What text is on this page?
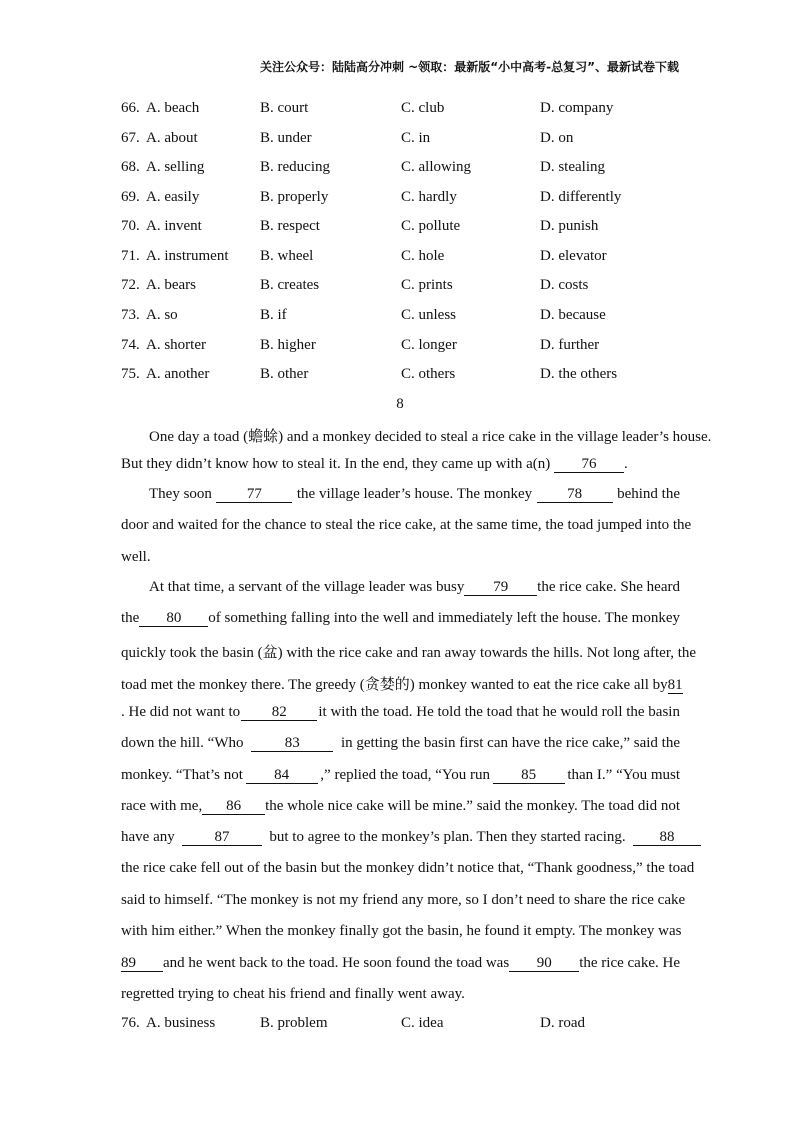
关注公众号：陆陆高分冲刺 ~领取：最新版“小中高考-总复习”、最新试卷下载
66. A. beach	B. court	C. club	D. company
67. A. about	B. under	C. in	D. on
68. A. selling	B. reducing	C. allowing	D. stealing
69. A. easily	B. properly	C. hardly	D. differently
70. A. invent	B. respect	C. pollute	D. punish
71. A. instrument B. wheel	C. hole	D. elevator
72. A. bears	B. creates	C. prints	D. costs
73. A. so	B. if	C. unless	D. because
74. A. shorter	B. higher	C. longer	D. further
75. A. another	B. other	C. others	D. the others
8
One day a toad (蟾蜍) and a monkey decided to steal a rice cake in the village leader’s house.
But they didn’t know how to steal it. In the end, they came up with a(n) 76 .
They soon	77	the village leader’s house. The monkey	78	behind the
door and waited for the chance to steal the rice cake, at the same time, the toad jumped into the
well.
At that time, a servant of the village leader was busy	79	the rice cake. She heard
the	80	of something falling into the well and immediately left the house. The monkey
quickly took the basin (盆) with the rice cake and ran away towards the hills. Not long after, the
toad met the monkey there. The greedy (贪婪的) monkey wanted to eat the rice cake all by 81
. He did not want to	82	it with the toad. He told the toad that he would roll the basin
down the hill. “Who	83	in getting the basin first can have the rice cake,” said the
monkey. “That’s not	84	,” replied the toad, “You run	85	than I.” “You must
race with me,	86	the whole nice cake will be mine.” said the monkey. The toad did not
have any	87	but to agree to the monkey’s plan. Then they started racing.	88
the rice cake fell out of the basin but the monkey didn’t notice that, “Thank goodness,” the toad
said to himself. “The monkey is not my friend any more, so I don’t need to share the rice cake
with him either.” When the monkey finally got the basin, he found it empty. The monkey was
89	and he went back to the toad. He soon found the toad was	90	the rice cake. He
regretted trying to cheat his friend and finally went away.
76. A. business	B. problem	C. idea	D. road
